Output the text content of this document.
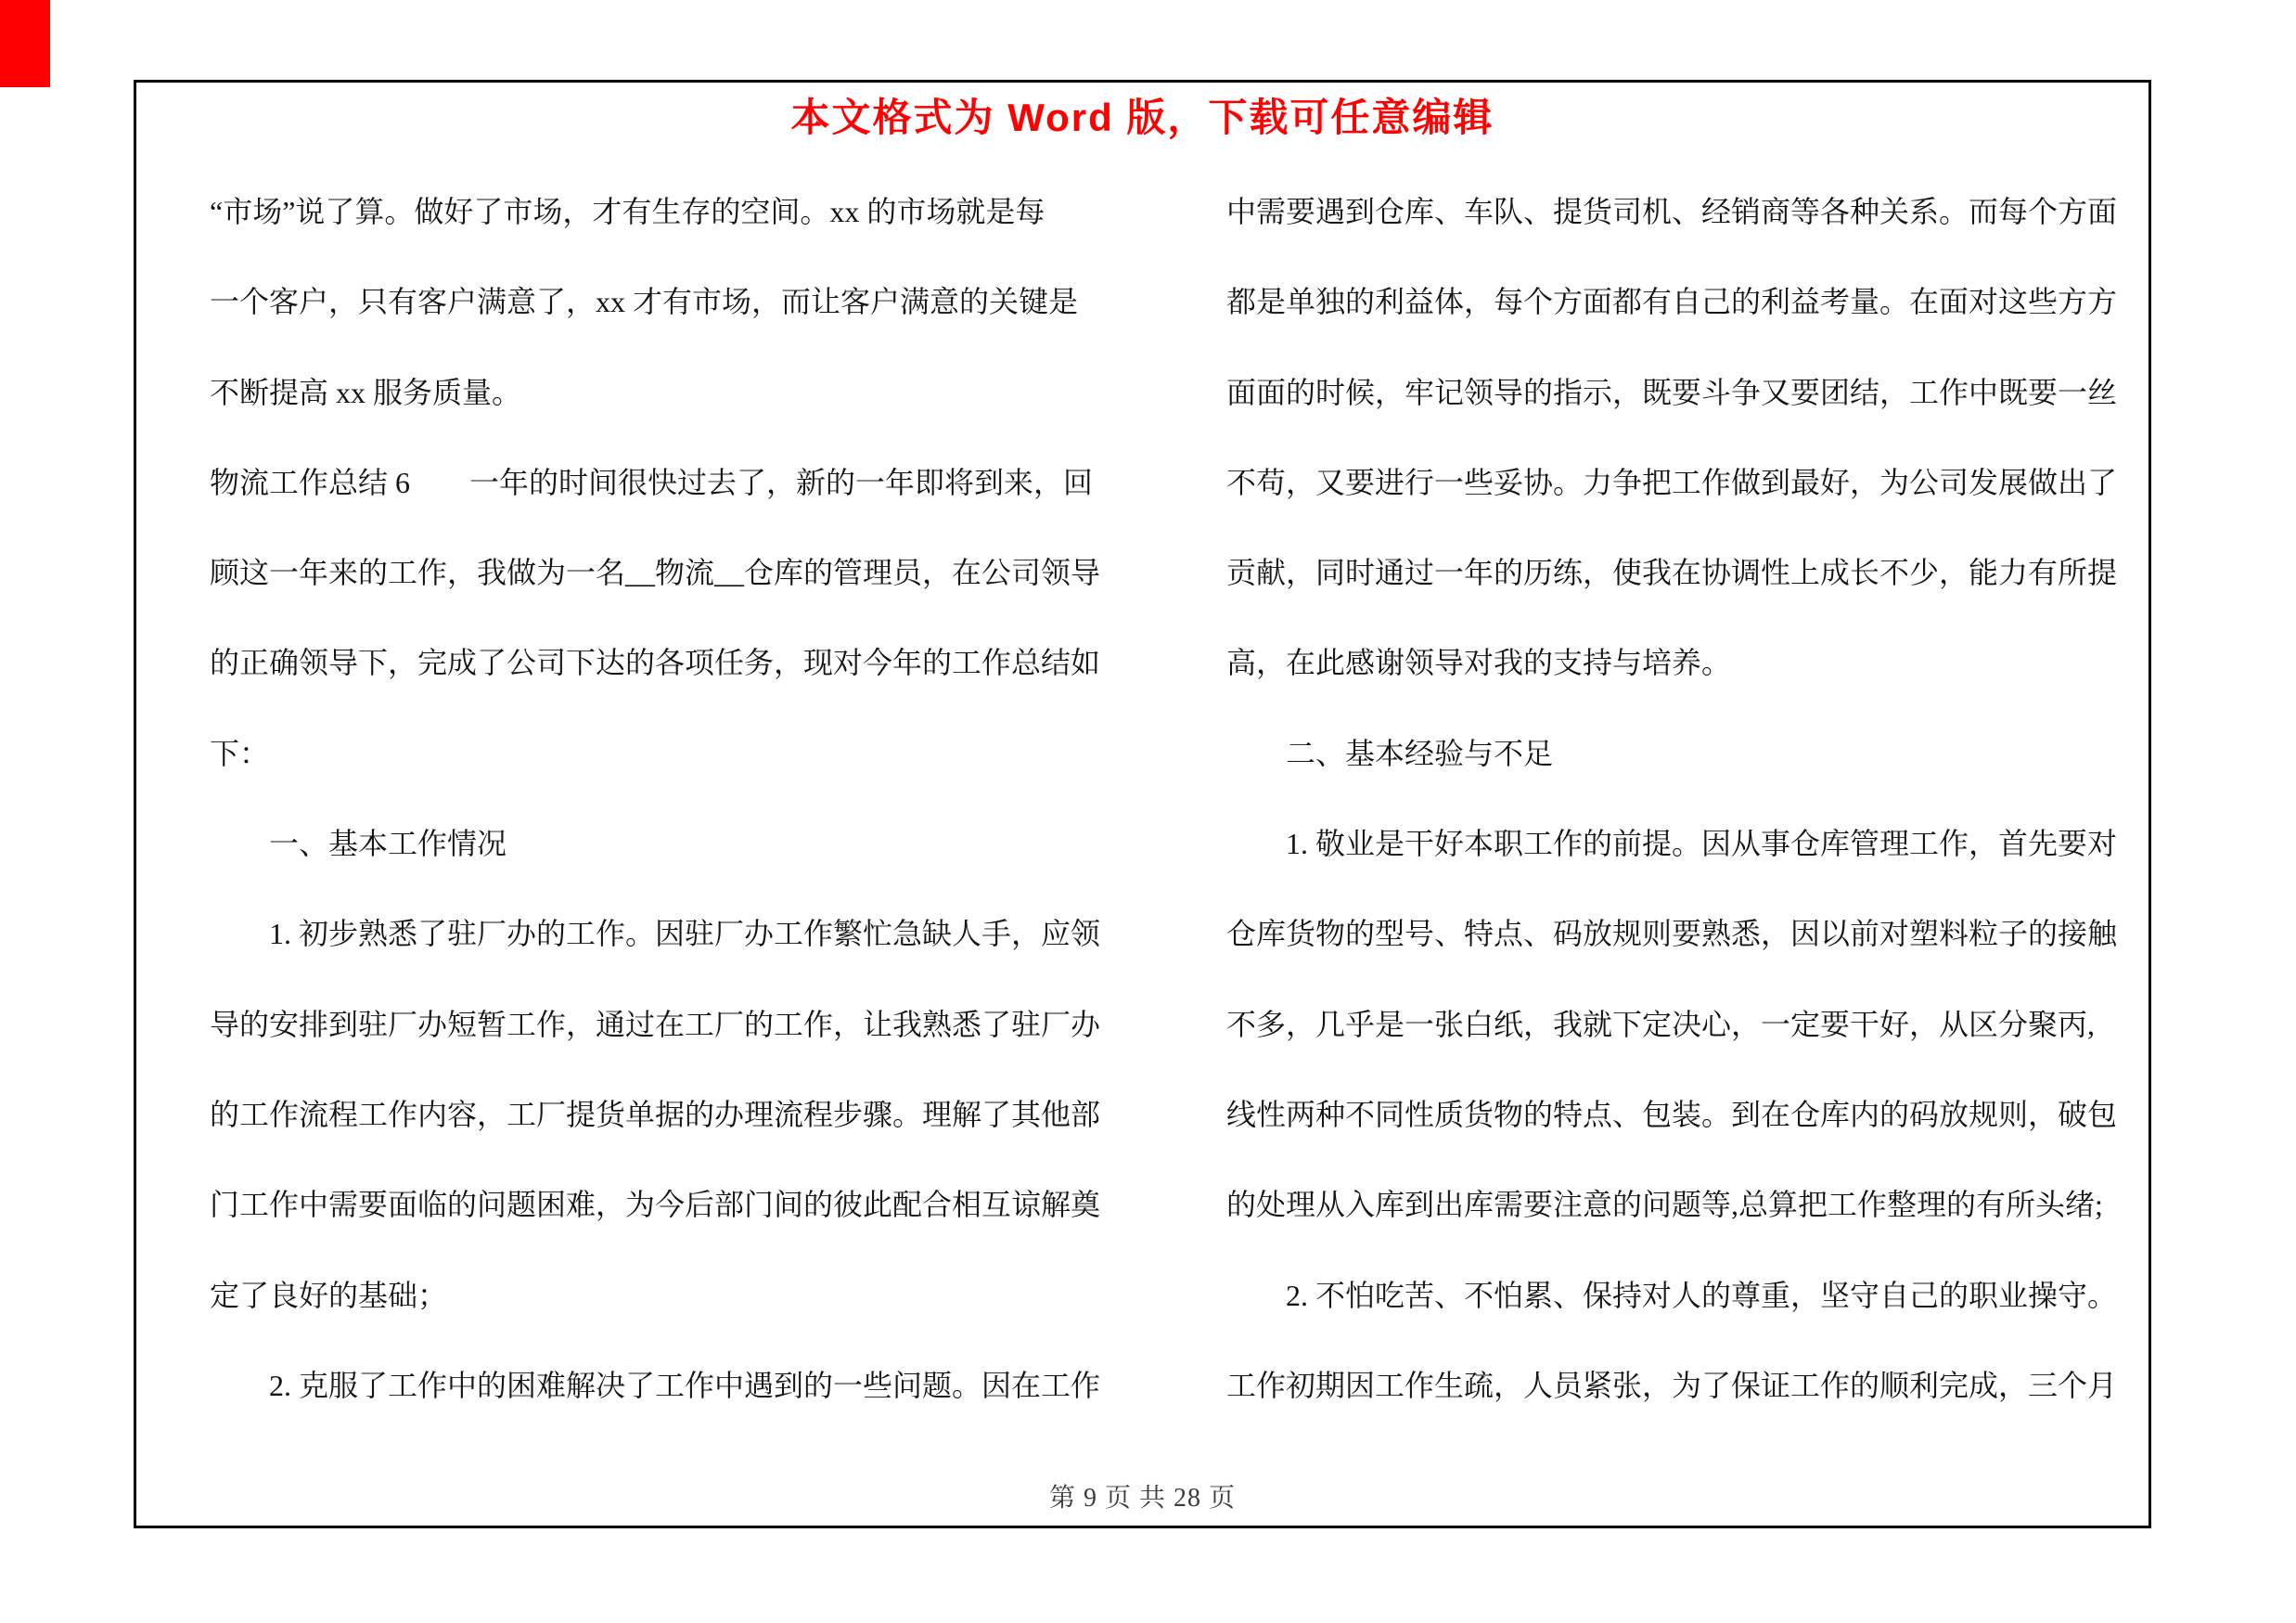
本文格式为 Word 版，下载可任意编辑
“市场”说了算。做好了市场，才有生存的空间。xx 的市场就是每
一个客户，只有客户满意了，xx 才有市场，而让客户满意的关键是
不断提高 xx 服务质量。
物流工作总结 6　　一年的时间很快过去了，新的一年即将到来，回
顾这一年来的工作，我做为一名__物流__仓库的管理员，在公司领导
的正确领导下，完成了公司下达的各项任务，现对今年的工作总结如
下：
　　一、基本工作情况
　　1. 初步熟悉了驻厂办的工作。因驻厂办工作繁忙急缺人手，应领
导的安排到驻厂办短暂工作，通过在工厂的工作，让我熟悉了驻厂办
的工作流程工作内容，工厂提货单据的办理流程步骤。理解了其他部
门工作中需要面临的问题困难，为今后部门间的彼此配合相互谅解奠
定了良好的基础；
　　2. 克服了工作中的困难解决了工作中遇到的一些问题。因在工作
中需要遇到仓库、车队、提货司机、经销商等各种关系。而每个方面
都是单独的利益体，每个方面都有自己的利益考量。在面对这些方方
面面的时候，牢记领导的指示，既要斗争又要团结，工作中既要一丝
不苟，又要进行一些妥协。力争把工作做到最好，为公司发展做出了
贡献，同时通过一年的历练，使我在协调性上成长不少，能力有所提
高，在此感谢领导对我的支持与培养。
　　二、基本经验与不足
　　1. 敬业是干好本职工作的前提。因从事仓库管理工作，首先要对
仓库货物的型号、特点、码放规则要熟悉，因以前对塑料粒子的接触
不多，几乎是一张白纸，我就下定决心，一定要干好，从区分聚丙,
线性两种不同性质货物的特点、包装。到在仓库内的码放规则，破包
的处理从入库到出库需要注意的问题等,总算把工作整理的有所头绪;
　　2. 不怕吃苦、不怕累、保持对人的尊重，坚守自己的职业操守。
工作初期因工作生疏，人员紧张，为了保证工作的顺利完成，三个月
第 9 页 共 28 页
